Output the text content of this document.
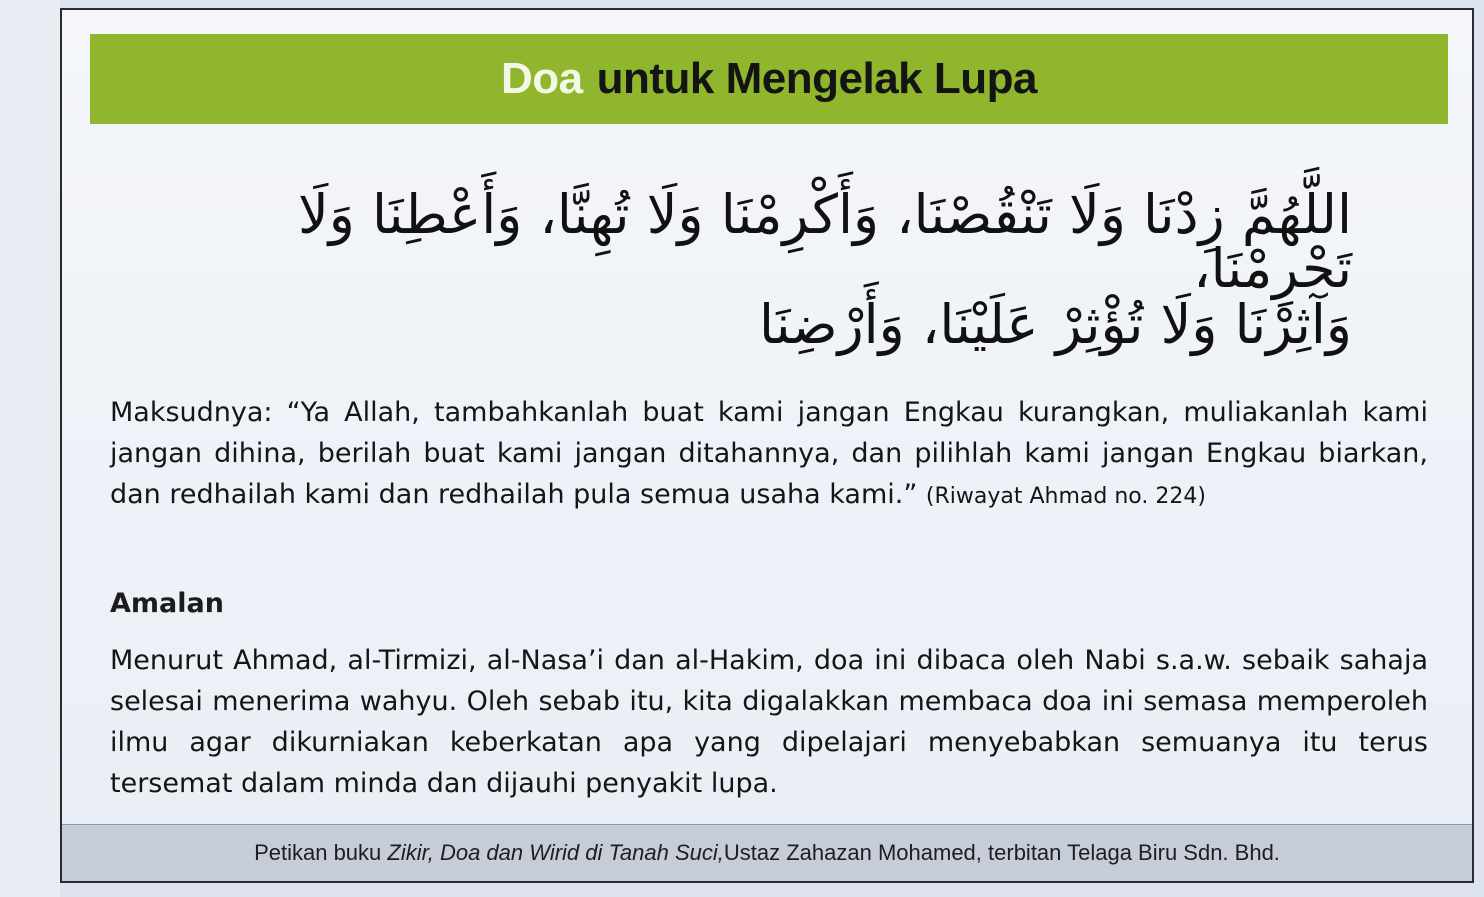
Doa untuk Mengelak Lupa
اللَّهُمَّ زِدْنَا وَلَا تَنْقُصْنَا، وَأَكْرِمْنَا وَلَا تُهِنَّا، وَأَعْطِنَا وَلَا تَحْرِمْنَا،
وَآثِرْنَا وَلَا تُؤْثِرْ عَلَيْنَا، وَأَرْضِنَا
Maksudnya: “Ya Allah, tambahkanlah buat kami jangan Engkau kurangkan, muliakanlah kami jangan dihina, berilah buat kami jangan ditahannya, dan pilihlah kami jangan Engkau biarkan, dan redhailah kami dan redhailah pula semua usaha kami.” (Riwayat Ahmad no. 224)
Amalan
Menurut Ahmad, al-Tirmizi, al-Nasa’i dan al-Hakim, doa ini dibaca oleh Nabi s.a.w. sebaik sahaja selesai menerima wahyu. Oleh sebab itu, kita digalakkan membaca doa ini semasa memperoleh ilmu agar dikurniakan keberkatan apa yang dipelajari menyebabkan semuanya itu terus tersemat dalam minda dan dijauhi penyakit lupa.
Petikan buku
Zikir, Doa dan Wirid di Tanah Suci, Ustaz Zahazan Mohamed, terbitan Telaga Biru Sdn. Bhd.
